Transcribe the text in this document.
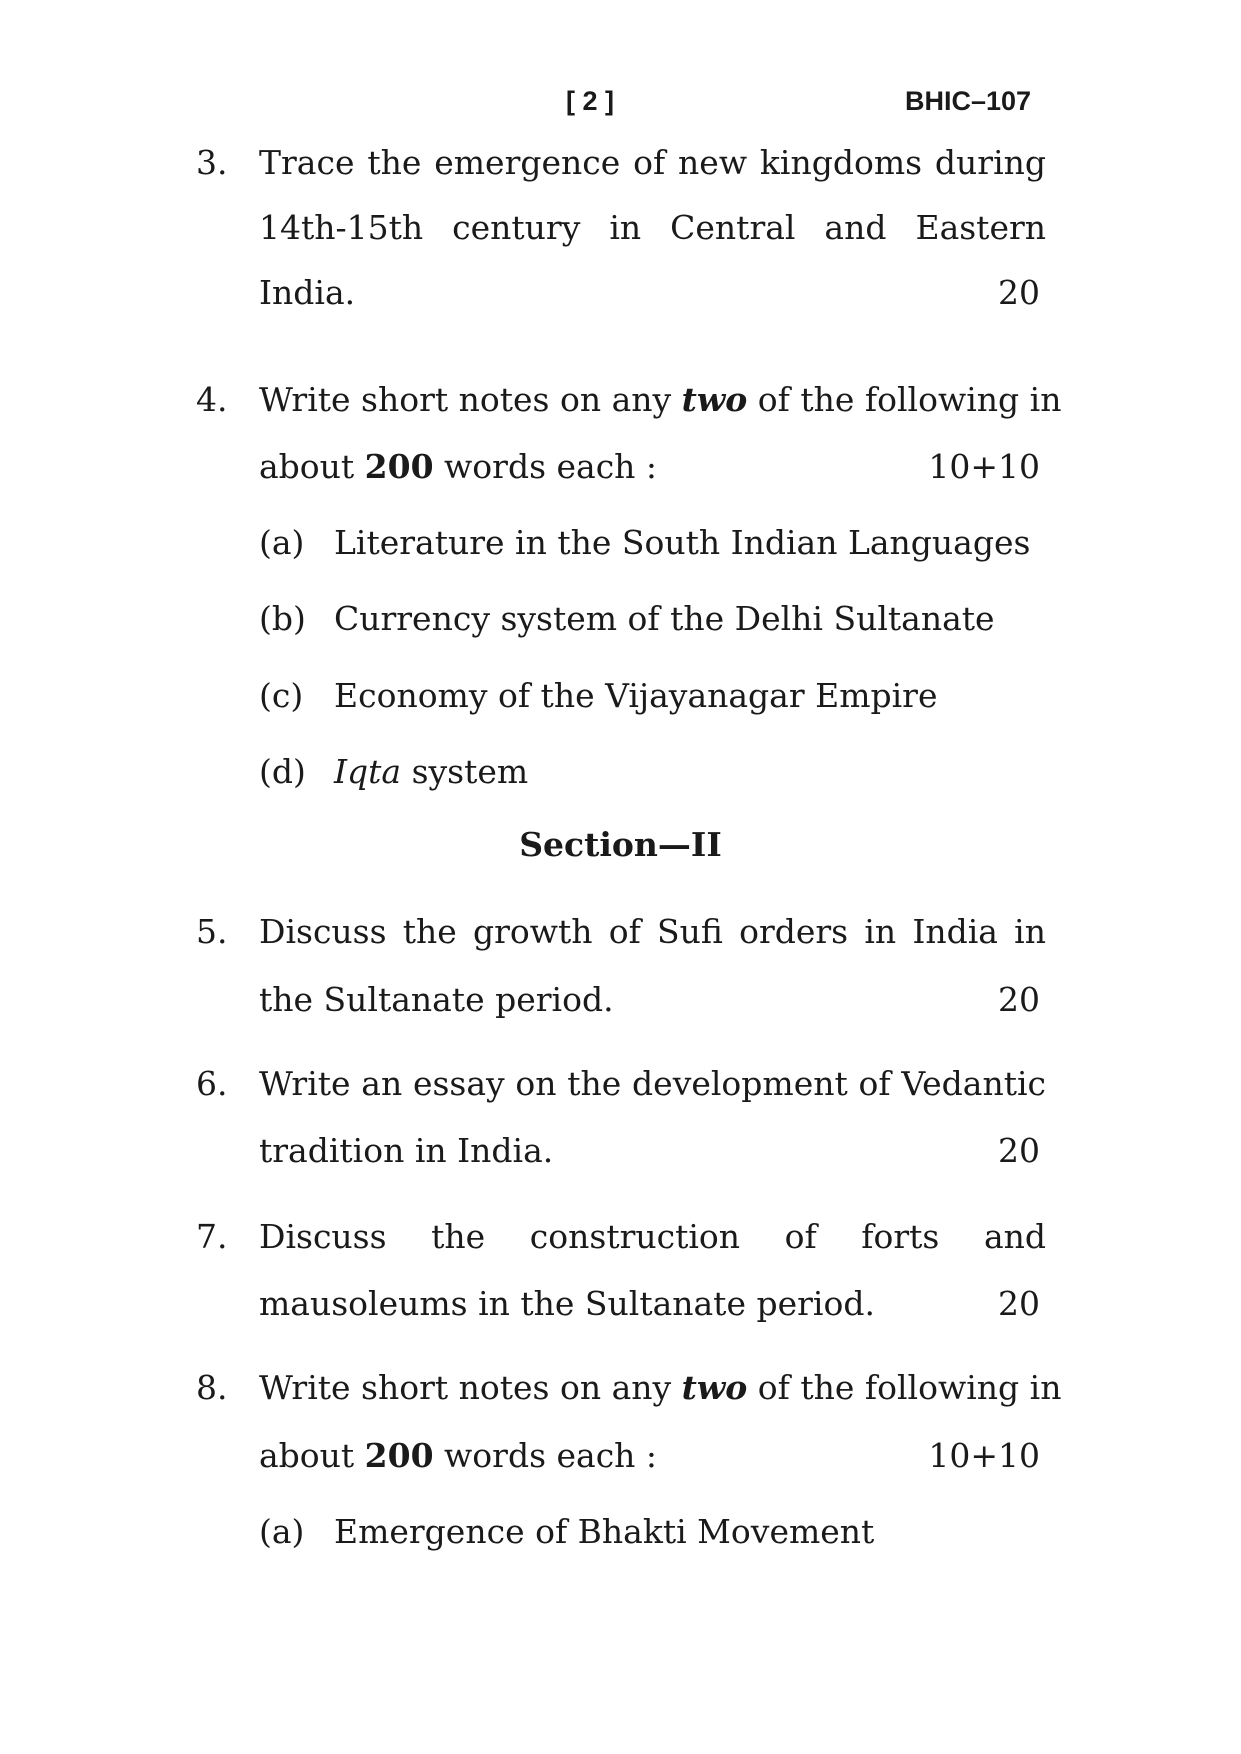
[ 2 ]	BHIC–107
3. Trace the emergence of new kingdoms during
14th-15th century in Central and Eastern
India.	20
4. Write short notes on any two of the following in
about 200 words each :	10+10
(a) Literature in the South Indian Languages
(b) Currency system of the Delhi Sultanate
(c) Economy of the Vijayanagar Empire
(d) Iqta system
Section—II
5. Discuss the growth of Sufi orders in India in
the Sultanate period.	20
6. Write an essay on the development of Vedantic
tradition in India.	20
7. Discuss the construction of forts and
mausoleums in the Sultanate period.	20
8. Write short notes on any two of the following in
about 200 words each :	10+10
(a) Emergence of Bhakti Movement
